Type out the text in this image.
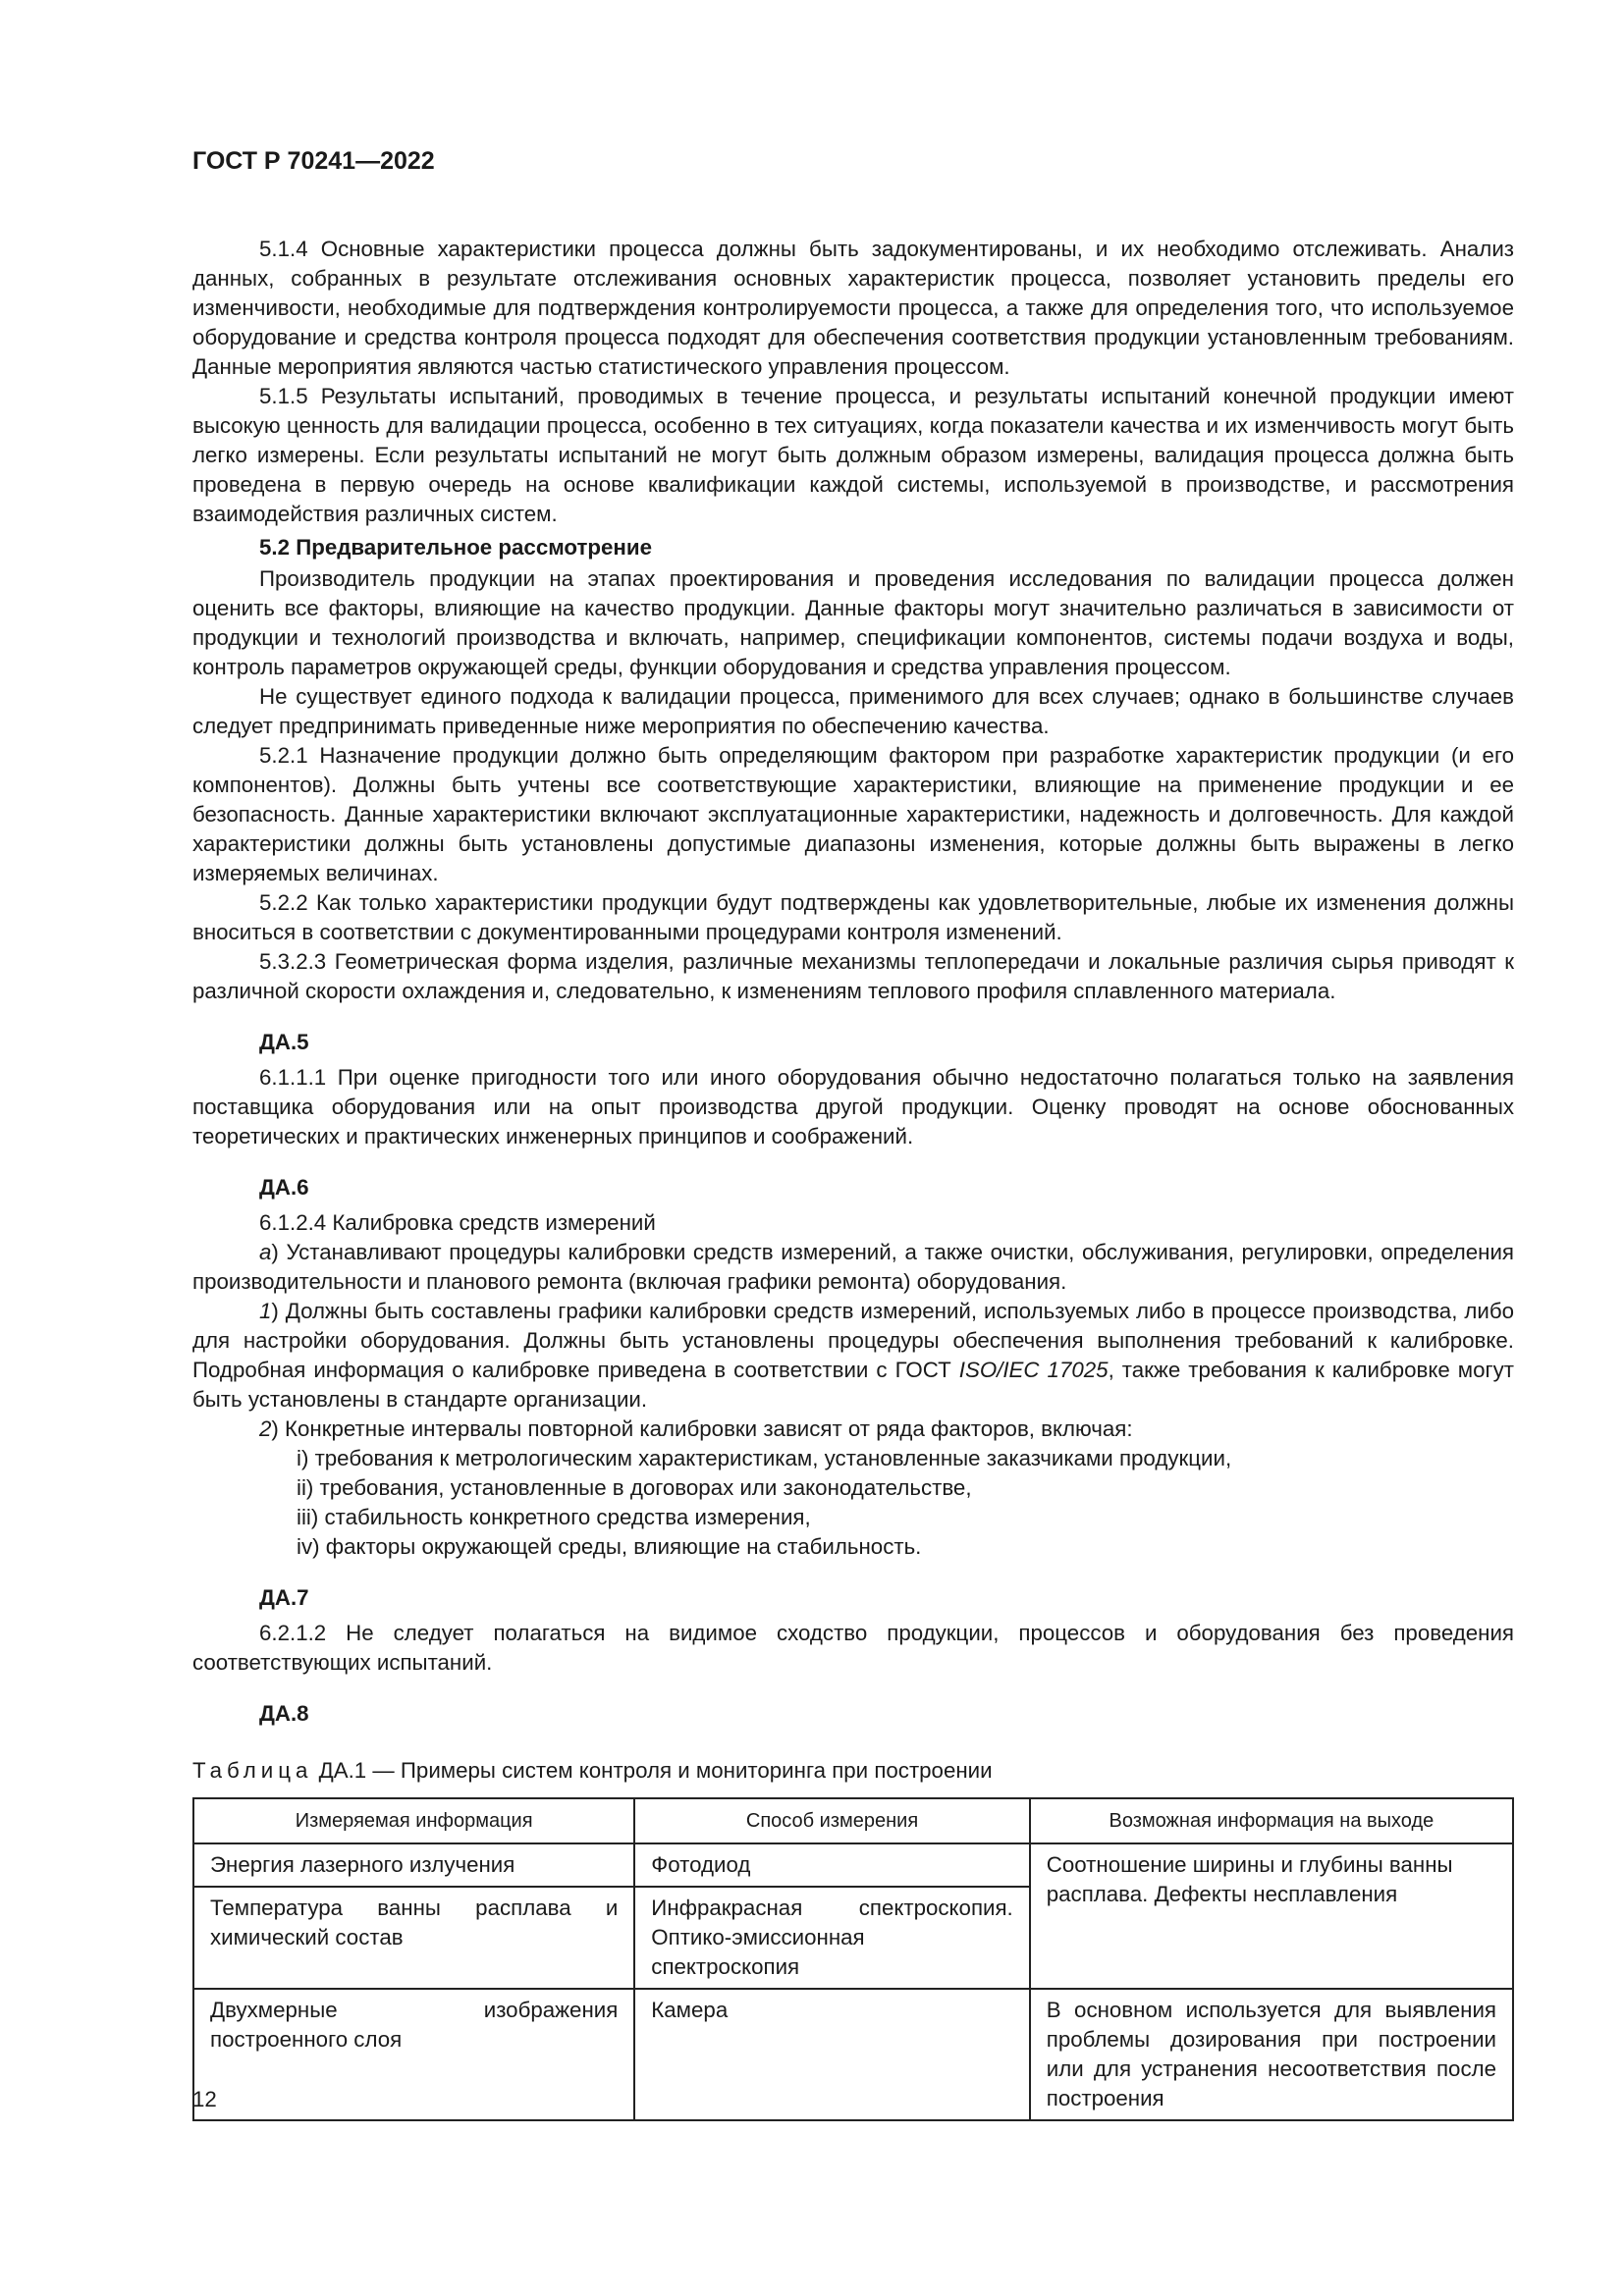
ГОСТ Р 70241—2022

5.1.4 Основные характеристики процесса должны быть задокументированы, и их необходимо отслеживать. Анализ данных, собранных в результате отслеживания основных характеристик процесса, позволяет установить пределы его изменчивости, необходимые для подтверждения контролируемости процесса, а также для определения того, что используемое оборудование и средства контроля процесса подходят для обеспечения соответствия продукции установленным требованиям. Данные мероприятия являются частью статистического управления процессом.

5.1.5 Результаты испытаний, проводимых в течение процесса, и результаты испытаний конечной продукции имеют высокую ценность для валидации процесса, особенно в тех ситуациях, когда показатели качества и их изменчивость могут быть легко измерены. Если результаты испытаний не могут быть должным образом измерены, валидация процесса должна быть проведена в первую очередь на основе квалификации каждой системы, используемой в производстве, и рассмотрения взаимодействия различных систем.

5.2 Предварительное рассмотрение

Производитель продукции на этапах проектирования и проведения исследования по валидации процесса должен оценить все факторы, влияющие на качество продукции. Данные факторы могут значительно различаться в зависимости от продукции и технологий производства и включать, например, спецификации компонентов, системы подачи воздуха и воды, контроль параметров окружающей среды, функции оборудования и средства управления процессом.

Не существует единого подхода к валидации процесса, применимого для всех случаев; однако в большинстве случаев следует предпринимать приведенные ниже мероприятия по обеспечению качества.

5.2.1 Назначение продукции должно быть определяющим фактором при разработке характеристик продукции (и его компонентов). Должны быть учтены все соответствующие характеристики, влияющие на применение продукции и ее безопасность. Данные характеристики включают эксплуатационные характеристики, надежность и долговечность. Для каждой характеристики должны быть установлены допустимые диапазоны изменения, которые должны быть выражены в легко измеряемых величинах.

5.2.2 Как только характеристики продукции будут подтверждены как удовлетворительные, любые их изменения должны вноситься в соответствии с документированными процедурами контроля изменений.

5.3.2.3 Геометрическая форма изделия, различные механизмы теплопередачи и локальные различия сырья приводят к различной скорости охлаждения и, следовательно, к изменениям теплового профиля сплавленного материала.

ДА.5

6.1.1.1 При оценке пригодности того или иного оборудования обычно недостаточно полагаться только на заявления поставщика оборудования или на опыт производства другой продукции. Оценку проводят на основе обоснованных теоретических и практических инженерных принципов и соображений.

ДА.6

6.1.2.4 Калибровка средств измерений

а) Устанавливают процедуры калибровки средств измерений, а также очистки, обслуживания, регулировки, определения производительности и планового ремонта (включая графики ремонта) оборудования.

1) Должны быть составлены графики калибровки средств измерений, используемых либо в процессе производства, либо для настройки оборудования. Должны быть установлены процедуры обеспечения выполнения требований к калибровке. Подробная информация о калибровке приведена в соответствии с ГОСТ ISO/IEC 17025, также требования к калибровке могут быть установлены в стандарте организации.

2) Конкретные интервалы повторной калибровки зависят от ряда факторов, включая:

i) требования к метрологическим характеристикам, установленные заказчиками продукции,

ii) требования, установленные в договорах или законодательстве,

iii) стабильность конкретного средства измерения,

iv) факторы окружающей среды, влияющие на стабильность.

ДА.7

6.2.1.2 Не следует полагаться на видимое сходство продукции, процессов и оборудования без проведения соответствующих испытаний.

ДА.8
Таблица ДА.1 — Примеры систем контроля и мониторинга при построении
Измеряемая информация	Способ измерения	Возможная информация на выходе
Энергия лазерного излучения	Фотодиод	Соотношение ширины и глубины ванны расплава. Дефекты несплавления
Температура ванны расплава и химический состав	Инфракрасная спектроскопия. Оптико-эмиссионная спектроскопия	
Двухмерные изображения построенного слоя	Камера	В основном используется для выявления проблемы дозирования при построении или для устранения несоответствия после построения
12
